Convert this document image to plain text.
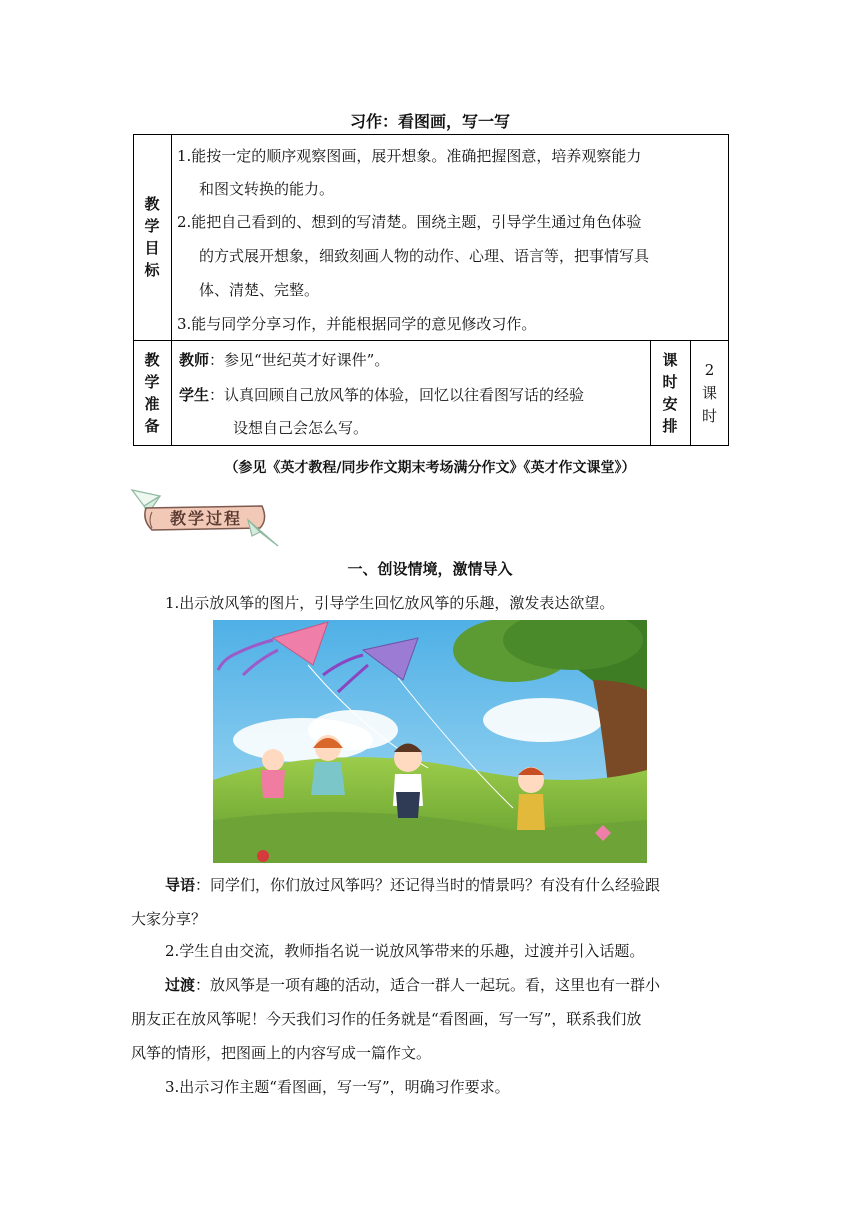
习作：看图画，写一写
教
学
目
标
1.能按一定的顺序观察图画，展开想象。准确把握图意，培养观察能力
和图文转换的能力。
2.能把自己看到的、想到的写清楚。围绕主题，引导学生通过角色体验
的方式展开想象，细致刻画人物的动作、心理、语言等，把事情写具
体、清楚、完整。
3.能与同学分享习作，并能根据同学的意见修改习作。
教
学
准
备
教师：参见“世纪英才好课件”。
学生：认真回顾自己放风筝的体验，回忆以往看图写话的经验
设想自己会怎么写。
课
时
安
排
2
课
时
（参见《英才教程/同步作文期末考场满分作文》《英才作文课堂》）
教学过程
一、创设情境，激情导入
1.出示放风筝的图片，引导学生回忆放风筝的乐趣，激发表达欲望。
导语：同学们，你们放过风筝吗？还记得当时的情景吗？有没有什么经验跟
大家分享？
2.学生自由交流，教师指名说一说放风筝带来的乐趣，过渡并引入话题。
过渡：放风筝是一项有趣的活动，适合一群人一起玩。看，这里也有一群小
朋友正在放风筝呢！今天我们习作的任务就是“看图画，写一写”，联系我们放
风筝的情形，把图画上的内容写成一篇作文。
3.出示习作主题“看图画，写一写”，明确习作要求。
